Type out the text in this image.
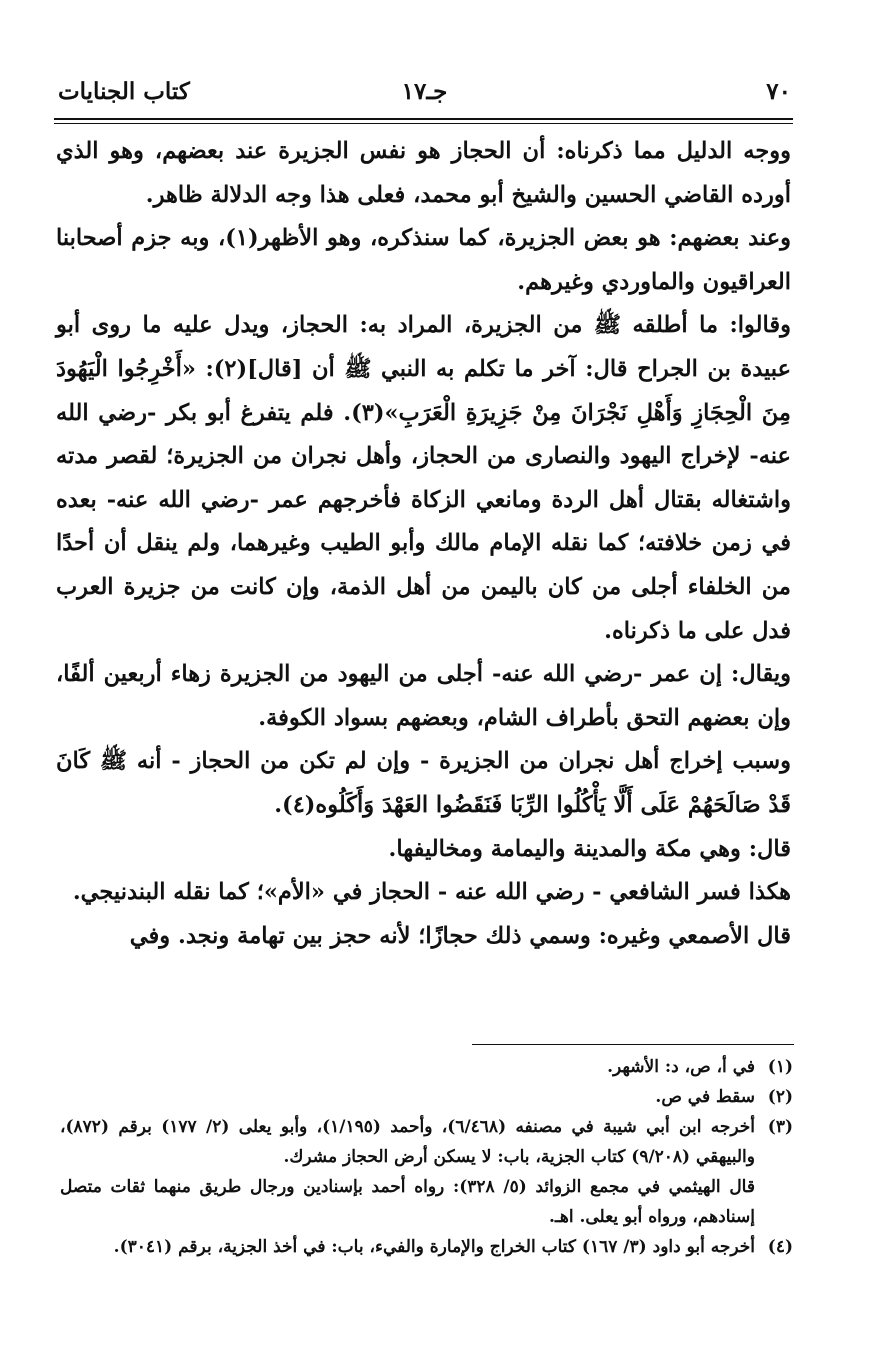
٧٠
جـ١٧
كتاب الجنايات

ووجه الدليل مما ذكرناه: أن الحجاز هو نفس الجزيرة عند بعضهم، وهو الذي أورده القاضي الحسين والشيخ أبو محمد، فعلى هذا وجه الدلالة ظاهر.

وعند بعضهم: هو بعض الجزيرة، كما سنذكره، وهو الأظهر(١)، وبه جزم أصحابنا العراقيون والماوردي وغيرهم.

وقالوا: ما أطلقه ﷺ من الجزيرة، المراد به: الحجاز، ويدل عليه ما روى أبو عبيدة بن الجراح قال: آخر ما تكلم به النبي ﷺ أن [قال](٢): «أَخْرِجُوا الْيَهُودَ مِنَ الْحِجَازِ وَأَهْلِ نَجْرَانَ مِنْ جَزِيرَةِ الْعَرَبِ»(٣). فلم يتفرغ أبو بكر -رضي الله عنه- لإخراج اليهود والنصارى من الحجاز، وأهل نجران من الجزيرة؛ لقصر مدته واشتغاله بقتال أهل الردة ومانعي الزكاة فأخرجهم عمر -رضي الله عنه- بعده في زمن خلافته؛ كما نقله الإمام مالك وأبو الطيب وغيرهما، ولم ينقل أن أحدًا من الخلفاء أجلى من كان باليمن من أهل الذمة، وإن كانت من جزيرة العرب فدل على ما ذكرناه.

ويقال: إن عمر -رضي الله عنه- أجلى من اليهود من الجزيرة زهاء أربعين ألفًا، وإن بعضهم التحق بأطراف الشام، وبعضهم بسواد الكوفة.

وسبب إخراج أهل نجران من الجزيرة - وإن لم تكن من الحجاز - أنه ﷺ كَانَ قَدْ صَالَحَهُمْ عَلَى أَلَّا يَأْكُلُوا الرِّبَا فَنَقَضُوا العَهْدَ وَأَكَلُوه(٤).

قال: وهي مكة والمدينة واليمامة ومخاليفها.

هكذا فسر الشافعي - رضي الله عنه - الحجاز في «الأم»؛ كما نقله البندنيجي.

قال الأصمعي وغيره: وسمي ذلك حجازًا؛ لأنه حجز بين تهامة ونجد. وفي

(١)
في أ، ص، د: الأشهر.
(٢)
سقط في ص.
(٣)
أخرجه ابن أبي شيبة في مصنفه (٦/٤٦٨)، وأحمد (١/١٩٥)، وأبو يعلى (٢/ ١٧٧) برقم (٨٧٢)، والبيهقي (٩/٢٠٨) كتاب الجزية، باب: لا يسكن أرض الحجاز مشرك.
قال الهيثمي في مجمع الزوائد (٥/ ٣٢٨): رواه أحمد بإسنادين ورجال طريق منهما ثقات متصل إسنادهم، ورواه أبو يعلى. اهـ.
(٤)
أخرجه أبو داود (٣/ ١٦٧) كتاب الخراج والإمارة والفيء، باب: في أخذ الجزية، برقم (٣٠٤١).
